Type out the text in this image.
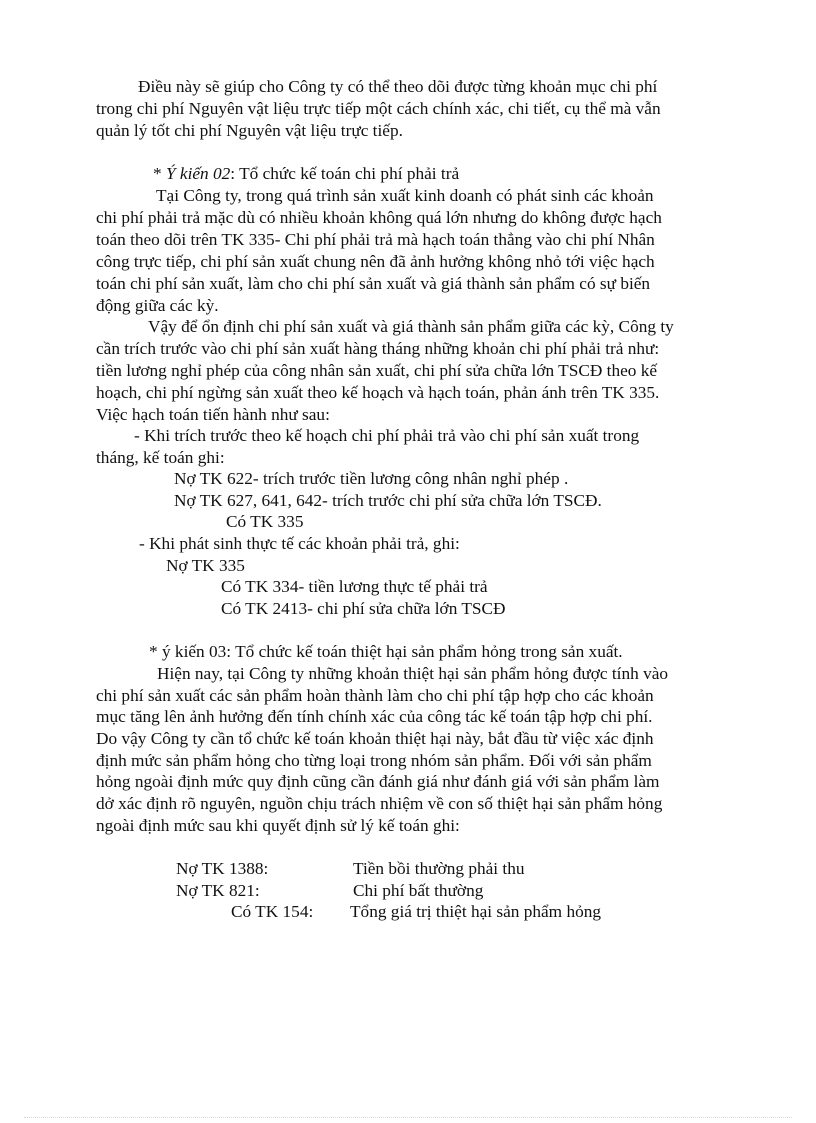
Điều này sẽ giúp cho Công ty có thể theo dõi được từng khoản mục chi phí
trong chi phí Nguyên vật liệu trực tiếp một cách chính xác, chi tiết, cụ thể mà vẫn
quản lý tốt chi phí Nguyên vật liệu trực tiếp.
* Ý kiến 02: Tổ chức kế toán chi phí phải trả
Tại Công ty, trong quá trình sản xuất kinh doanh có phát sinh các khoản
chi phí phải trả mặc dù có nhiều khoản không quá lớn nhưng do không được hạch
toán theo dõi trên TK 335- Chi phí phải trả mà hạch toán thẳng vào chi phí Nhân
công trực tiếp, chi phí sản xuất chung nên đã ảnh hưởng không nhỏ tới việc hạch
toán chi phí sản xuất, làm cho chi phí sản xuất và giá thành sản phẩm có sự biến
động giữa các kỳ.
Vậy để ổn định chi phí sản xuất và giá thành sản phẩm giữa các kỳ, Công ty
cần trích trước vào chi phí sản xuất hàng tháng những khoản chi phí phải trả như:
tiền lương nghỉ phép của công nhân sản xuất, chi phí sửa chữa lớn TSCĐ theo kế
hoạch, chi phí ngừng sản xuất theo kế hoạch và hạch toán, phản ánh trên TK 335.
Việc hạch toán tiến hành như sau:
- Khi trích trước theo kế hoạch chi phí phải trả vào chi phí sản xuất trong
tháng, kế toán ghi:
Nợ TK 622- trích trước tiền lương công nhân nghỉ phép .
Nợ TK 627, 641, 642- trích trước chi phí sửa chữa lớn TSCĐ.
Có TK 335
- Khi phát sinh thực tế các khoản phải trả, ghi:
Nợ TK 335
Có TK 334- tiền lương thực tế phải trả
Có TK 2413- chi phí sửa chữa lớn TSCĐ
* ý kiến 03: Tổ chức kế toán thiệt hại sản phẩm hỏng trong sản xuất.
Hiện nay, tại Công ty những khoản thiệt hại sản phẩm hỏng được tính vào
chi phí sản xuất các sản phẩm hoàn thành làm cho chi phí tập hợp cho các khoản
mục tăng lên ảnh hưởng đến tính chính xác của công tác kế toán tập hợp chi phí.
Do vậy Công ty cần tổ chức kế toán khoản thiệt hại này, bắt đầu từ việc xác định
định mức sản phẩm hỏng cho từng loại trong nhóm sản phẩm. Đối với sản phẩm
hỏng ngoài định mức quy định cũng cần đánh giá như đánh giá với sản phẩm làm
dở xác định rõ nguyên, nguồn chịu trách nhiệm về con số thiệt hại sản phẩm hỏng
ngoài định mức sau khi quyết định sử lý kế toán ghi:
Nợ TK 1388:	Tiền bồi thường phải thu
Nợ TK 821:	Chi phí bất thường
Có TK 154: Tổng giá trị thiệt hại sản phẩm hỏng
